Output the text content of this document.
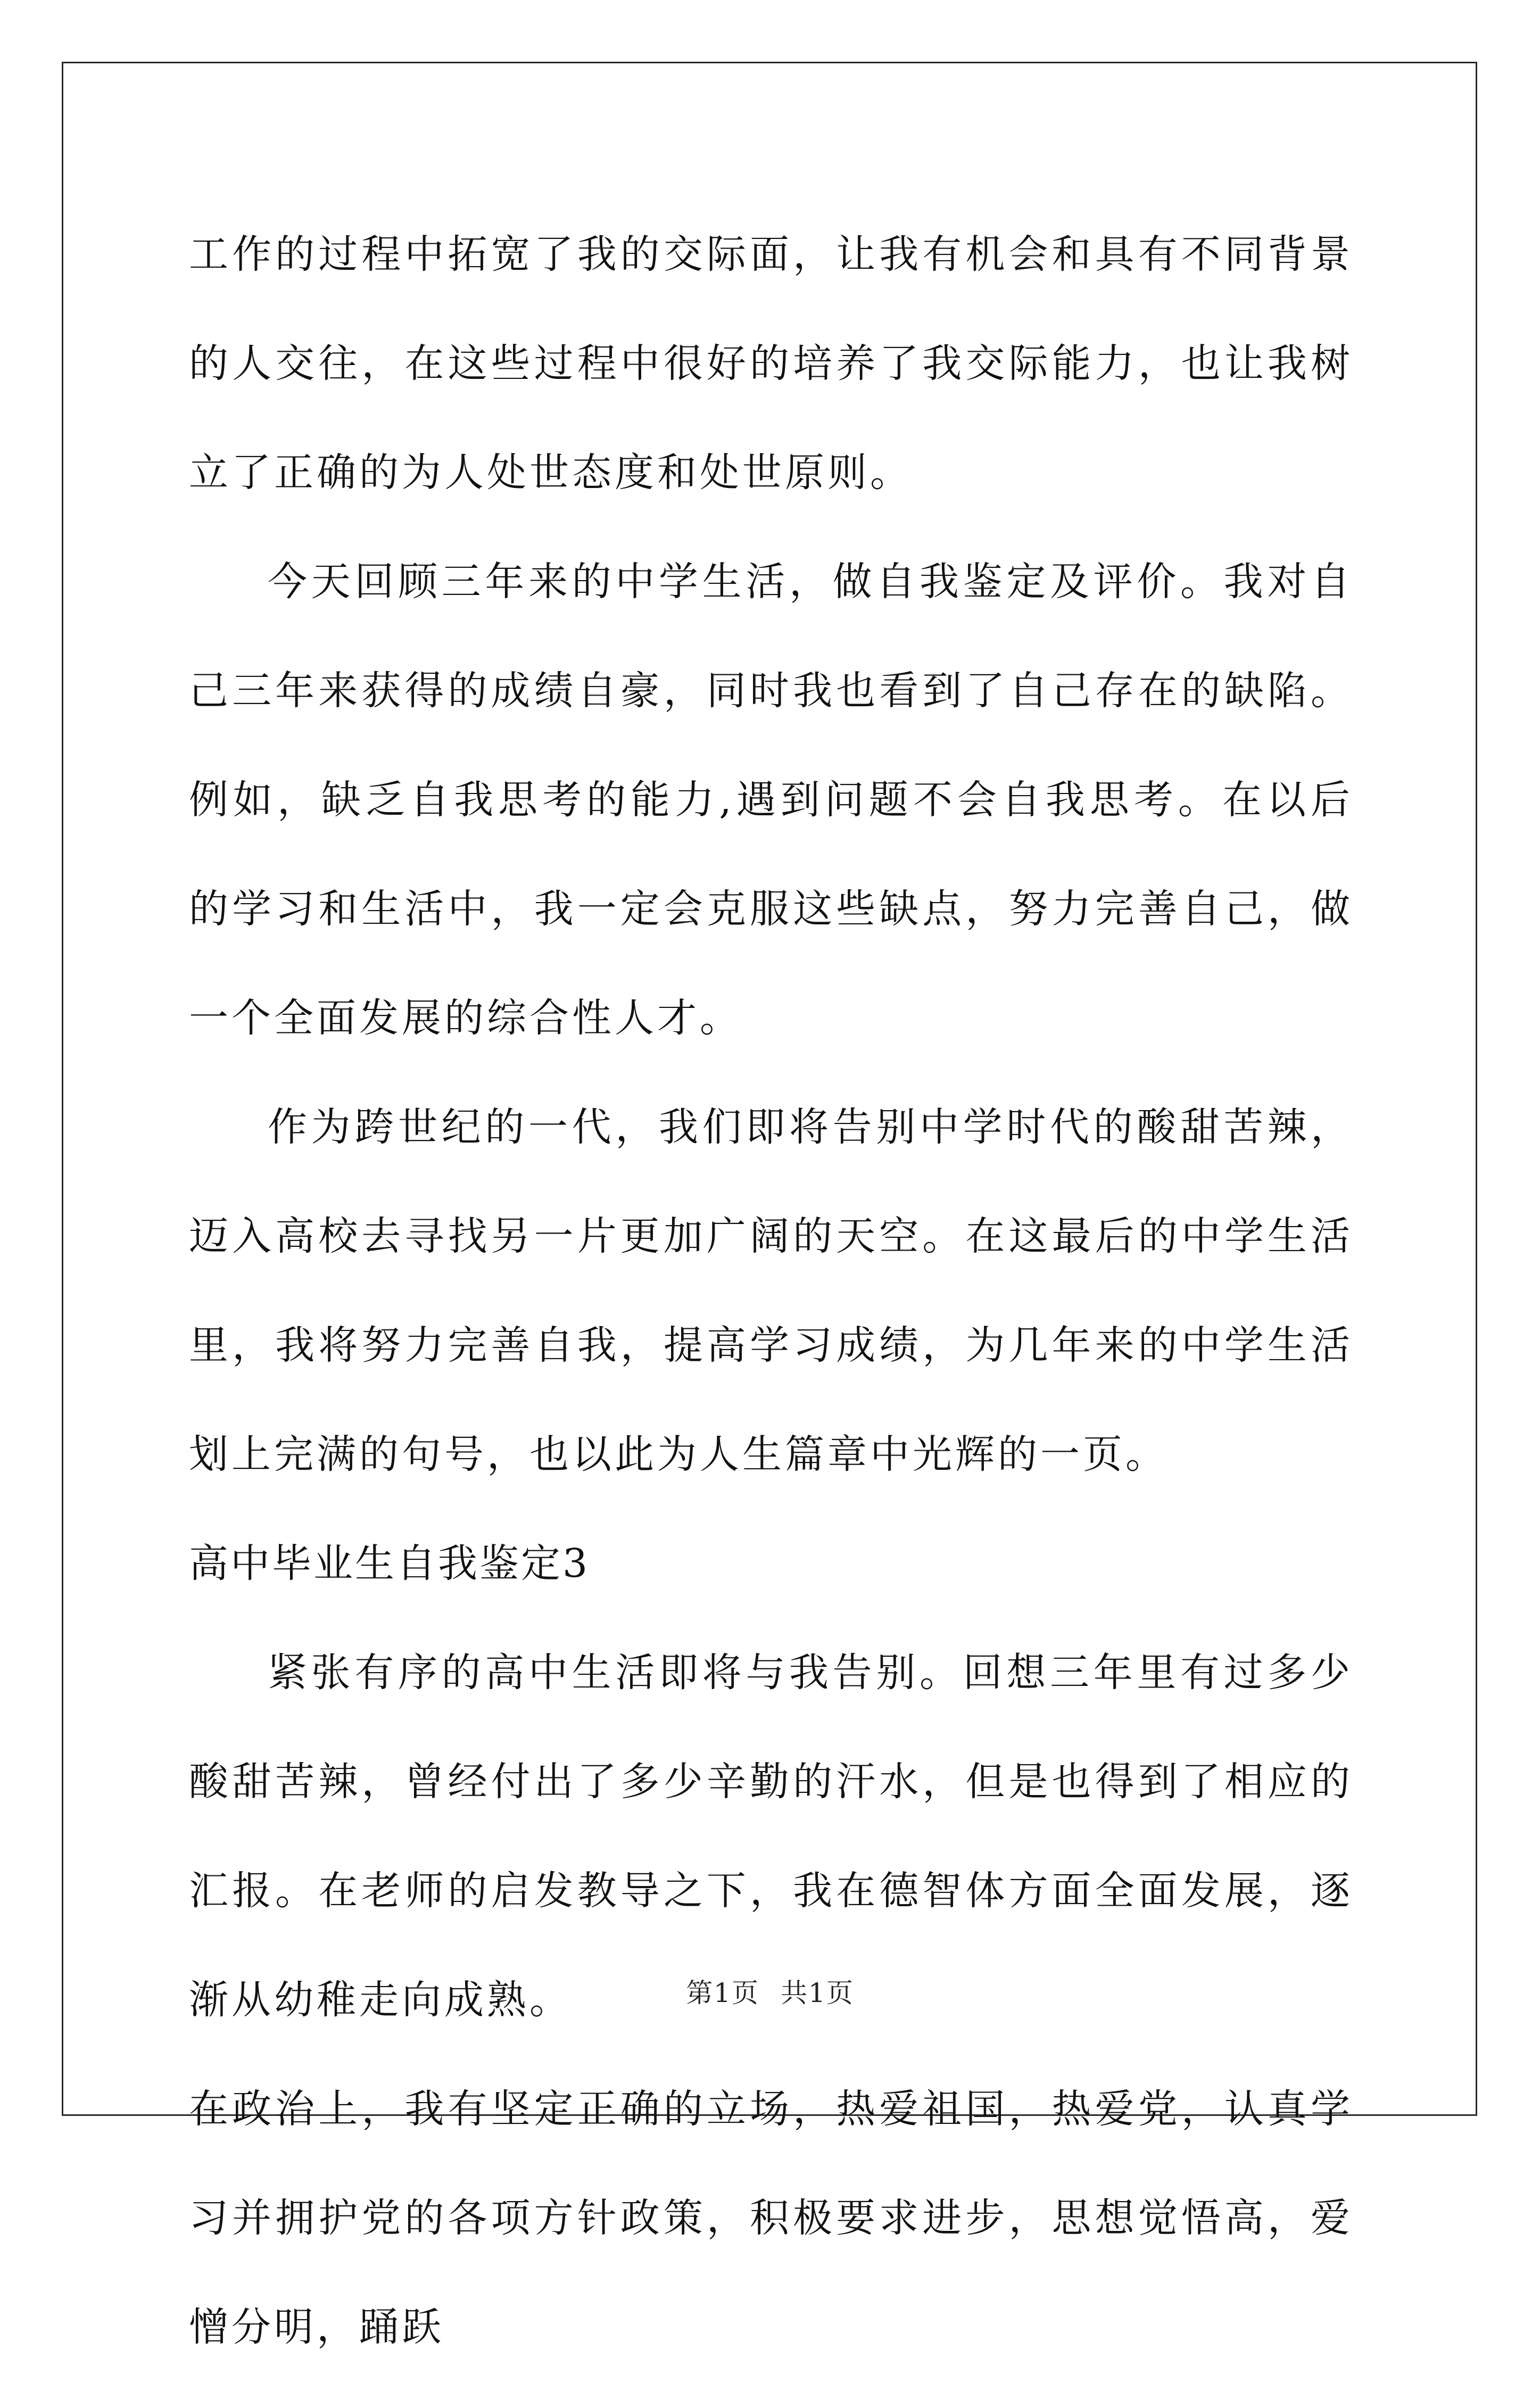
工作的过程中拓宽了我的交际面，让我有机会和具有不同背景的人交往，在这些过程中很好的培养了我交际能力，也让我树立了正确的为人处世态度和处世原则。

今天回顾三年来的中学生活，做自我鉴定及评价。我对自己三年来获得的成绩自豪，同时我也看到了自己存在的缺陷。例如，缺乏自我思考的能力,遇到问题不会自我思考。在以后的学习和生活中，我一定会克服这些缺点，努力完善自己，做一个全面发展的综合性人才。

作为跨世纪的一代，我们即将告别中学时代的酸甜苦辣，迈入高校去寻找另一片更加广阔的天空。在这最后的中学生活里，我将努力完善自我，提高学习成绩，为几年来的中学生活划上完满的句号，也以此为人生篇章中光辉的一页。

高中毕业生自我鉴定3

紧张有序的高中生活即将与我告别。回想三年里有过多少酸甜苦辣，曾经付出了多少辛勤的汗水，但是也得到了相应的汇报。在老师的启发教导之下，我在德智体方面全面发展，逐渐从幼稚走向成熟。

在政治上，我有坚定正确的立场，热爱祖国，热爱党，认真学习并拥护党的各项方针政策，积极要求进步，思想觉悟高，爱憎分明，踊跃

第1页 共1页
